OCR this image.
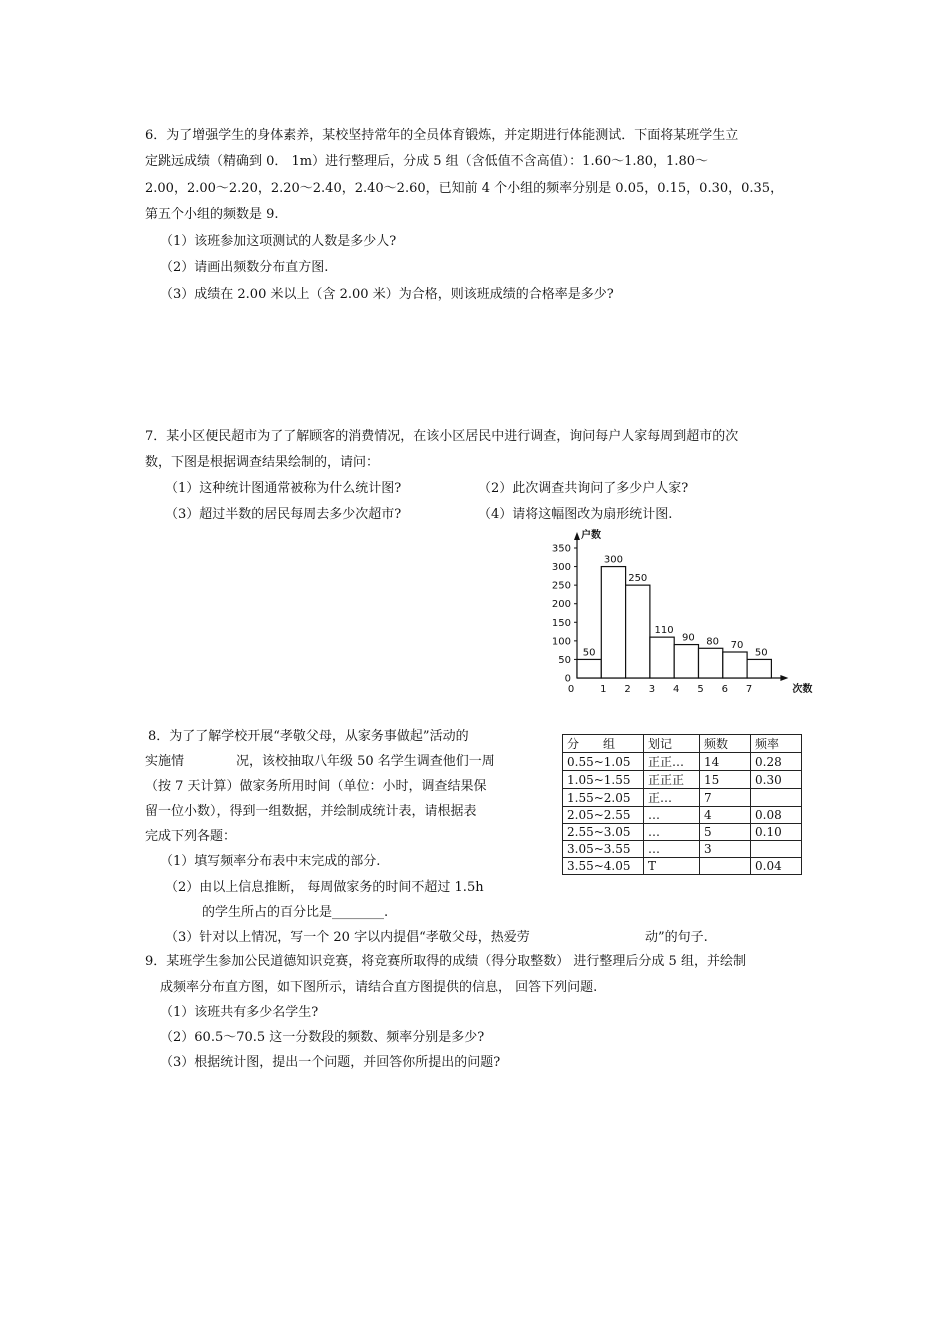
6．为了增强学生的身体素养，某校坚持常年的全员体育锻炼，并定期进行体能测试．下面将某班学生立
定跳远成绩（精确到 0． 1m）进行整理后，分成 5 组（含低值不含高值）：1.60～1.80，1.80～
2.00，2.00～2.20，2.20～2.40，2.40～2.60，已知前 4 个小组的频率分别是 0.05，0.15，0.30，0.35，
第五个小组的频数是 9.
（1）该班参加这项测试的人数是多少人?
（2）请画出频数分布直方图.
（3）成绩在 2.00 米以上（含 2.00 米）为合格，则该班成绩的合格率是多少?
7．某小区便民超市为了了解顾客的消费情况，在该小区居民中进行调查，询问每户人家每周到超市的次
数，下图是根据调查结果绘制的，请问：
（1）这种统计图通常被称为什么统计图?	（2）此次调查共询问了多少户人家?
（3）超过半数的居民每周去多少次超市?	（4）请将这幅图改为扇形统计图.
0
50
100
150
200
250
300
350
户数
次数
50
0
300
1
250
2
110
3
90
4
80
5
70
6
50
7
8．为了了解学校开展“孝敬父母，从家务事做起”活动的
实施情	况，该校抽取八年级 50 名学生调查他们一周
（按 7 天计算）做家务所用时间（单位：小时，调查结果保
留一位小数），得到一组数据，并绘制成统计表，请根据表
完成下列各题：
（1）填写频率分布表中末完成的部分.
（2）由以上信息推断， 每周做家务的时间不超过 1.5h
的学生所占的百分比是________.
（3）针对以上情况，写一个 20 字以内提倡“孝敬父母，热爱劳	动”的句子.
分　　组	划记	频数	频率
0.55~1.05	正正…	14	0.28
1.05~1.55	正正正	15	0.30
1.55~2.05	正…	7	
2.05~2.55	…	4	0.08
2.55~3.05	…	5	0.10
3.05~3.55	…	3	
3.55~4.05	T		0.04
9．某班学生参加公民道德知识竞赛，将竞赛所取得的成绩（得分取整数） 进行整理后分成 5 组，并绘制
成频率分布直方图，如下图所示，请结合直方图提供的信息， 回答下列问题.
（1）该班共有多少名学生?
（2）60.5～70.5 这一分数段的频数、频率分别是多少?
（3）根据统计图，提出一个问题，并回答你所提出的问题?
